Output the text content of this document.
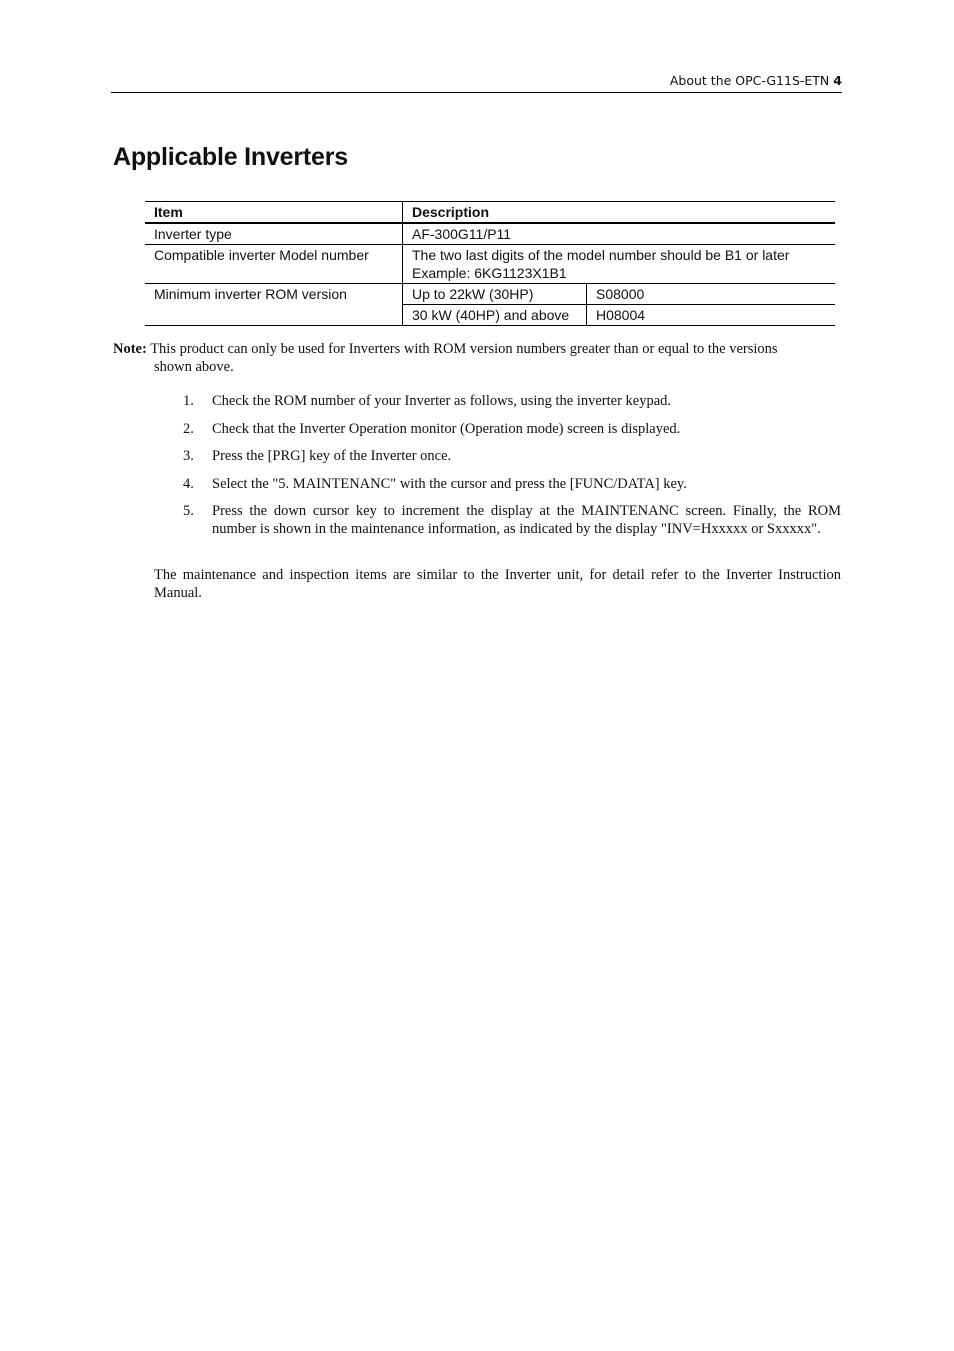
About the OPC-G11S-ETN 4
Applicable Inverters
Item	Description	
Inverter type	AF-300G11/P11	
Compatible inverter Model number	The two last digits of the model number should be B1 or later
Example: 6KG1123X1B1	

Minimum inverter ROM version	Up to 22kW (30HP)	S08000
	30 kW (40HP) and above	H08004
Note: This product can only be used for Inverters with ROM version numbers greater than or equal to the versions
shown above.
1. Check the ROM number of your Inverter as follows, using the inverter keypad.
2. Check that the Inverter Operation monitor (Operation mode) screen is displayed.
3. Press the [PRG] key of the Inverter once.
4. Select the "5. MAINTENANC" with the cursor and press the [FUNC/DATA] key.
5. Press the down cursor key to increment the display at the MAINTENANC screen. Finally, the ROM number is shown in the maintenance information, as indicated by the display "INV=Hxxxxx or Sxxxxx".

The maintenance and inspection items are similar to the Inverter unit, for detail refer to the Inverter Instruction Manual.
